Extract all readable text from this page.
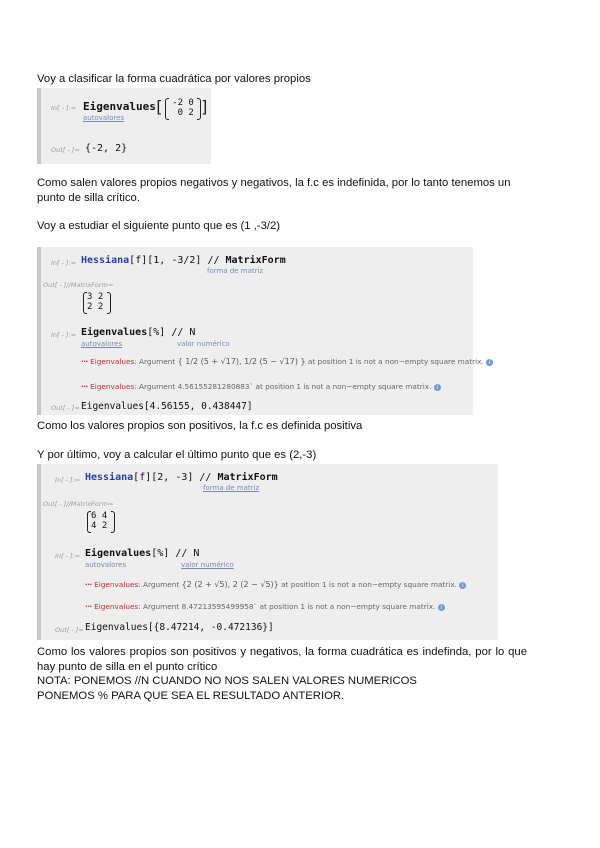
Voy a clasificar la forma cuadrática por valores propios
In[ - ]:= Eigenvalues
autovalores
[ -2 0
0 2 ]
Out[ - ]= {-2, 2}
Como salen valores propios negativos y negativos, la f.c es indefinida, por lo tanto tenemos un punto de silla crítico.
Voy a estudiar el siguiente punto que es (1 ,-3/2)
In[ - ]:= Hessiana[f][1, -3/2] // MatrixForm
forma de matriz
Out[ - ]//MatrixForm=
3 2
2 2
In[ - ]:= Eigenvalues[%] // N
autovalores	valor numérico
··· Eigenvalues: Argument { 1/2 (5 + √17), 1/2 (5 − √17) } at position 1 is not a non−empty square matrix. i
··· Eigenvalues: Argument 4.56155281280883` at position 1 is not a non−empty square matrix. i
Out[ - ]= Eigenvalues[4.56155, 0.438447]
Como los valores propios son positivos, la f.c es definida positiva
Y por último, voy a calcular el último punto que es (2,-3)
In[ - ]:= Hessiana[f][2, -3] // MatrixForm
forma de matriz
Out[ - ]//MatrixForm=
6 4
4 2
In[ - ]:= Eigenvalues[%] // N
autovalores	valor numérico
··· Eigenvalues: Argument {2 (2 + √5), 2 (2 − √5)} at position 1 is not a non−empty square matrix. i
··· Eigenvalues: Argument 8.47213595499958` at position 1 is not a non−empty square matrix. i
Out[ - ]= Eigenvalues[{8.47214, -0.472136}]
Como los valores propios son positivos y negativos, la forma cuadrática es indefinda, por lo que hay punto de silla en el punto crítico
NOTA: PONEMOS //N CUANDO NO NOS SALEN VALORES NUMERICOS
PONEMOS % PARA QUE SEA EL RESULTADO ANTERIOR.
